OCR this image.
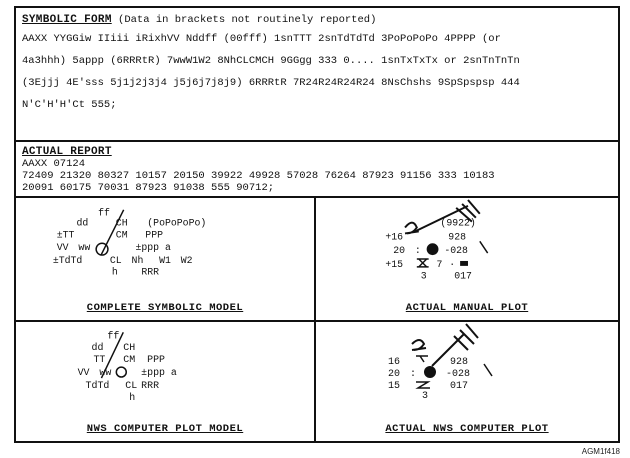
SYMBOLIC FORM (Data in brackets not routinely reported)
AAXX YYGGiw IIiii iRixhVV Nddff (00fff) 1snTTT 2snTdTdTd 3PoPoPoPo 4PPPP (or
4a3hhh) 5appp (6RRRtR) 7wwW1W2 8NhCLCMCH 9GGgg 333 0.... 1snTxTxTx or 2snTnTnTn
(3Ejjj 4E'sss 5j1j2j3j4 j5j6j7j8j9) 6RRRtR 7R24R24R24R24 8NsChshs 9SpSpspsp 444
N'C'H'H'Ct 555;
ACTUAL REPORT
AAXX 07124
72409 21320 80327 10157 20150 39922 49928 57028 76264 87923 91156 333 10183
20091 60175 70031 87923 91038 555 90712;
ff
dd	CH (PoPoPoPo)
±TT	CM PPP
VV ww	±ppp a
±TdTd	CL Nh W1 W2
h RRR
COMPLETE SYMBOLIC MODEL
(9922)
+16	928
20 : -028
+15	7 ·
3	017
ACTUAL MANUAL PLOT
ff
dd CH
TT CM PPP
VV ww	±ppp a
TdTd CL RRR
h
NWS COMPUTER PLOT MODEL
16	928
20 :	-028
15	017
3
ACTUAL NWS COMPUTER PLOT
AGM1f418
